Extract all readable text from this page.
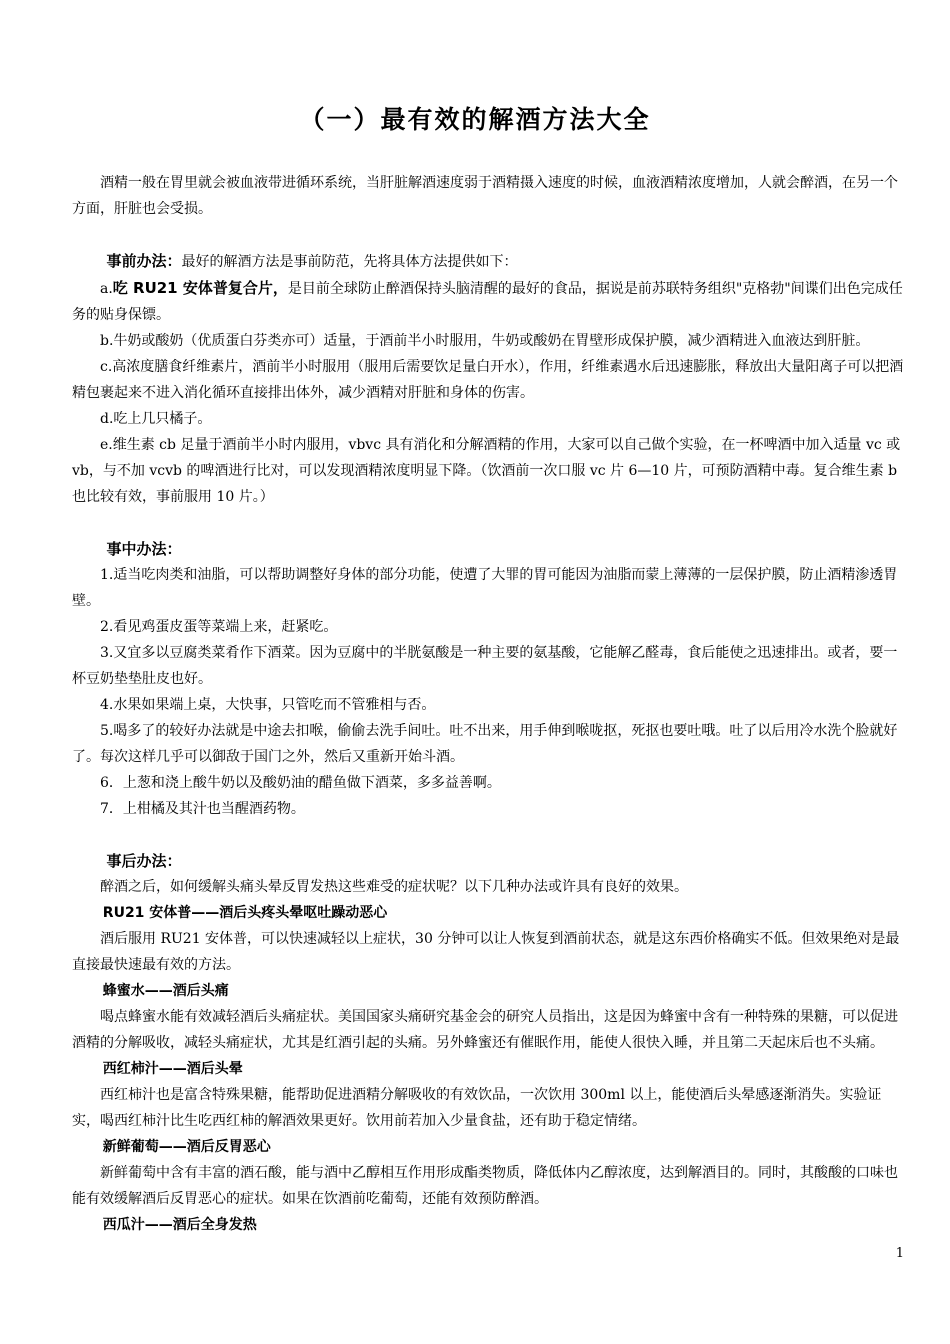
（一）最有效的解酒方法大全

酒精一般在胃里就会被血液带进循环系统，当肝脏解酒速度弱于酒精摄入速度的时候，血液酒精浓度增加，人就会醉酒，在另一个方面，肝脏也会受损。

事前办法：最好的解酒方法是事前防范，先将具体方法提供如下：

a.吃 RU21 安体普复合片，是目前全球防止醉酒保持头脑清醒的最好的食品，据说是前苏联特务组织"克格勃"间谍们出色完成任务的贴身保镖。

b.牛奶或酸奶（优质蛋白芬类亦可）适量，于酒前半小时服用，牛奶或酸奶在胃壁形成保护膜，减少酒精进入血液达到肝脏。

c.高浓度膳食纤维素片，酒前半小时服用（服用后需要饮足量白开水），作用，纤维素遇水后迅速膨胀，释放出大量阳离子可以把酒精包裹起来不进入消化循环直接排出体外，减少酒精对肝脏和身体的伤害。

d.吃上几只橘子。

e.维生素 cb 足量于酒前半小时内服用，vbvc 具有消化和分解酒精的作用，大家可以自己做个实验，在一杯啤酒中加入适量 vc 或 vb，与不加 vcvb 的啤酒进行比对，可以发现酒精浓度明显下降。（饮酒前一次口服 vc 片 6—10 片，可预防酒精中毒。复合维生素 b 也比较有效，事前服用 10 片。）

事中办法：

1.适当吃肉类和油脂，可以帮助调整好身体的部分功能，使遭了大罪的胃可能因为油脂而蒙上薄薄的一层保护膜，防止酒精渗透胃壁。

2.看见鸡蛋皮蛋等菜端上来，赶紧吃。

3.又宜多以豆腐类菜肴作下酒菜。因为豆腐中的半胱氨酸是一种主要的氨基酸，它能解乙醛毒，食后能使之迅速排出。或者，要一杯豆奶垫垫肚皮也好。

4.水果如果端上桌，大快事，只管吃而不管雅相与否。

5.喝多了的较好办法就是中途去扣喉，偷偷去洗手间吐。吐不出来，用手伸到喉咙抠，死抠也要吐哦。吐了以后用冷水洗个脸就好了。每次这样几乎可以御敌于国门之外，然后又重新开始斗酒。

6．上葱和浇上酸牛奶以及酸奶油的醋鱼做下酒菜，多多益善啊。

7．上柑橘及其汁也当醒酒药物。

事后办法：

醉酒之后，如何缓解头痛头晕反胃发热这些难受的症状呢？以下几种办法或许具有良好的效果。

RU21 安体普——酒后头疼头晕呕吐躁动恶心

酒后服用 RU21 安体普，可以快速减轻以上症状，30 分钟可以让人恢复到酒前状态，就是这东西价格确实不低。但效果绝对是最直接最快速最有效的方法。

蜂蜜水——酒后头痛

喝点蜂蜜水能有效减轻酒后头痛症状。美国国家头痛研究基金会的研究人员指出，这是因为蜂蜜中含有一种特殊的果糖，可以促进酒精的分解吸收，减轻头痛症状，尤其是红酒引起的头痛。另外蜂蜜还有催眠作用，能使人很快入睡，并且第二天起床后也不头痛。

西红柿汁——酒后头晕

西红柿汁也是富含特殊果糖，能帮助促进酒精分解吸收的有效饮品，一次饮用 300ml 以上，能使酒后头晕感逐渐消失。实验证实，喝西红柿汁比生吃西红柿的解酒效果更好。饮用前若加入少量食盐，还有助于稳定情绪。

新鲜葡萄——酒后反胃恶心

新鲜葡萄中含有丰富的酒石酸，能与酒中乙醇相互作用形成酯类物质，降低体内乙醇浓度，达到解酒目的。同时，其酸酸的口味也能有效缓解酒后反胃恶心的症状。如果在饮酒前吃葡萄，还能有效预防醉酒。

西瓜汁——酒后全身发热

1
